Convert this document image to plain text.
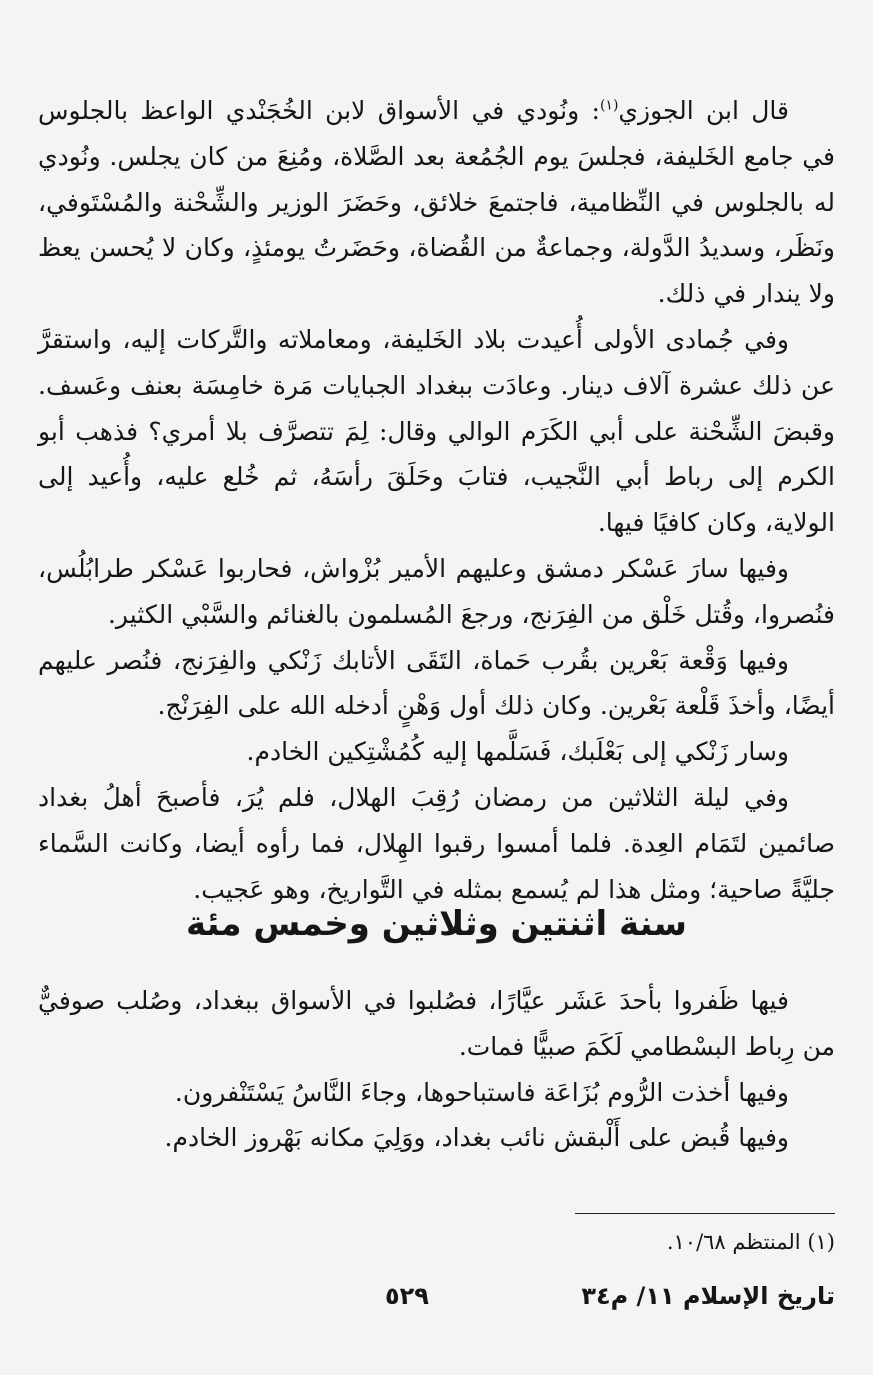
قال ابن الجوزي$^{(١)}$: ونُودي في الأسواق لابن الخُجَنْدي الواعظ بالجلوس في جامع الخَليفة، فجلسَ يوم الجُمُعة بعد الصَّلاة، ومُنِعَ من كان يجلس. ونُودي له بالجلوس في النِّظامية، فاجتمعَ خلائق، وحَضَرَ الوزير والشِّحْنة والمُسْتَوفي، ونَظَر، وسديدُ الدَّولة، وجماعةٌ من القُضاة، وحَضَرتُ يومئذٍ، وكان لا يُحسن يعظ ولا يندار في ذلك.

وفي جُمادى الأولى أُعيدت بلاد الخَليفة، ومعاملاته والتَّركات إليه، واستقرَّ عن ذلك عشرة آلاف دينار. وعادَت ببغداد الجبايات مَرة خامِسَة بعنف وعَسف. وقبضَ الشِّحْنة على أبي الكَرَم الوالي وقال: لِمَ تتصرَّف بلا أمري؟ فذهب أبو الكرم إلى رباط أبي النَّجيب، فتابَ وحَلَقَ رأسَهُ، ثم خُلع عليه، وأُعيد إلى الولاية، وكان كافيًا فيها.

وفيها سارَ عَسْكر دمشق وعليهم الأمير بُزْواش، فحاربوا عَسْكر طرابُلُس، فنُصروا، وقُتل خَلْق من الفِرَنج، ورجعَ المُسلمون بالغنائم والسَّبْي الكثير.

وفيها وَقْعة بَعْرين بقُرب حَماة، التَقَى الأتابك زَنْكي والفِرَنج، فنُصر عليهم أيضًا، وأخذَ قَلْعة بَعْرين. وكان ذلك أول وَهْنٍ أدخله الله على الفِرَنْج.

وسار زَنْكي إلى بَعْلَبك، فَسَلَّمها إليه كُمُشْتِكين الخادم.

وفي ليلة الثلاثين من رمضان رُقِبَ الهلال، فلم يُرَ، فأصبحَ أهلُ بغداد صائمين لتَمَام العِدة. فلما أمسوا رقبوا الهِلال، فما رأوه أيضا، وكانت السَّماء جليَّةً صاحية؛ ومثل هذا لم يُسمع بمثله في التَّواريخ، وهو عَجيب.

سنة اثنتين وثلاثين وخمس مئة

فيها ظَفروا بأحدَ عَشَر عيَّارًا، فصُلبوا في الأسواق ببغداد، وصُلب صوفيٌّ من رِباط البسْطامي لَكَمَ صبيًّا فمات.

وفيها أخذت الرُّوم بُزَاعَة فاستباحوها، وجاءَ النَّاسُ يَسْتَنْفرون.

وفيها قُبض على أَلْبقش نائب بغداد، ووَلِيَ مكانه بَهْروز الخادم.

(١) المنتظم ١٠/٦٨.
تاريخ الإسلام ١١/ م٣٤
٥٢٩
